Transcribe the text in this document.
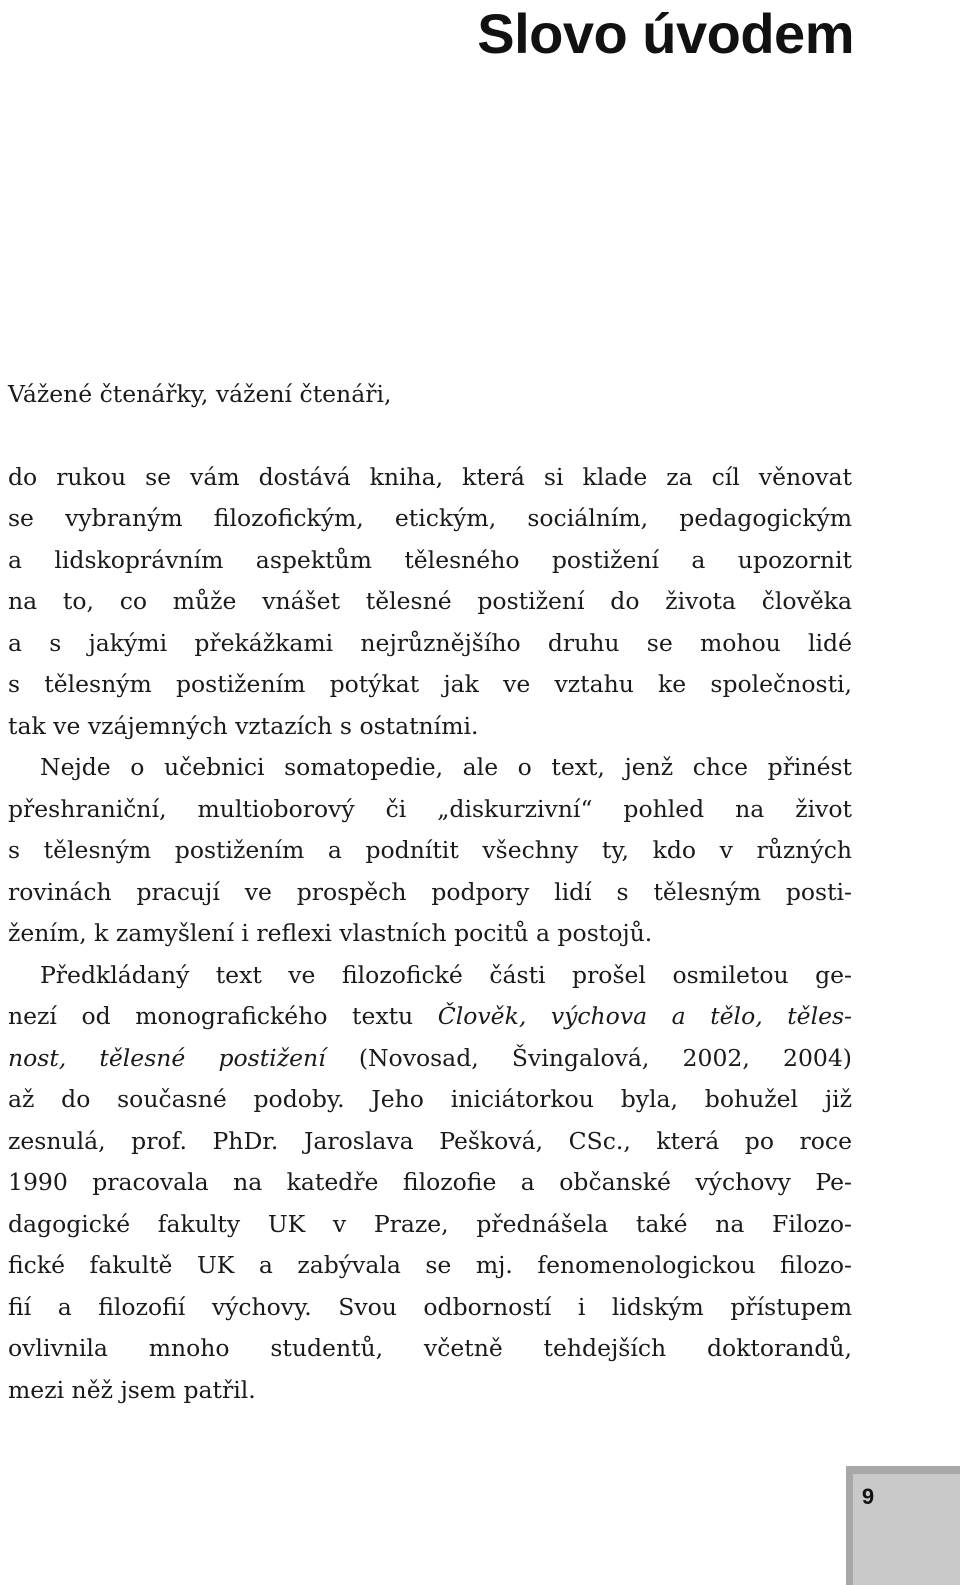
Slovo úvodem

Vážené čtenářky, vážení čtenáři,

do rukou se vám dostává kniha, která si klade za cíl věnovat
se vybraným filozofickým, etickým, sociálním, pedagogickým
a lidskoprávním aspektům tělesného postižení a upozornit
na to, co může vnášet tělesné postižení do života člověka
a s jakými překážkami nejrůznějšího druhu se mohou lidé
s tělesným postižením potýkat jak ve vztahu ke společnosti,
tak ve vzájemných vztazích s ostatními.
Nejde o učebnici somatopedie, ale o text, jenž chce přinést
přeshraniční, multioborový či „diskurzivní“ pohled na život
s tělesným postižením a podnítit všechny ty, kdo v různých
rovinách pracují ve prospěch podpory lidí s tělesným posti-
žením, k zamyšlení i reflexi vlastních pocitů a postojů.
Předkládaný text ve filozofické části prošel osmiletou ge-
nezí od monografického textu Člověk, výchova a tělo, těles-
nost, tělesné postižení (Novosad, Švingalová, 2002, 2004)
až do současné podoby. Jeho iniciátorkou byla, bohužel již
zesnulá, prof. PhDr. Jaroslava Pešková, CSc., která po roce
1990 pracovala na katedře filozofie a občanské výchovy Pe-
dagogické fakulty UK v Praze, přednášela také na Filozo-
fické fakultě UK a zabývala se mj. fenomenologickou filozo-
fií a filozofií výchovy. Svou odborností i lidským přístupem
ovlivnila mnoho studentů, včetně tehdejších doktorandů,
mezi něž jsem patřil.
9
